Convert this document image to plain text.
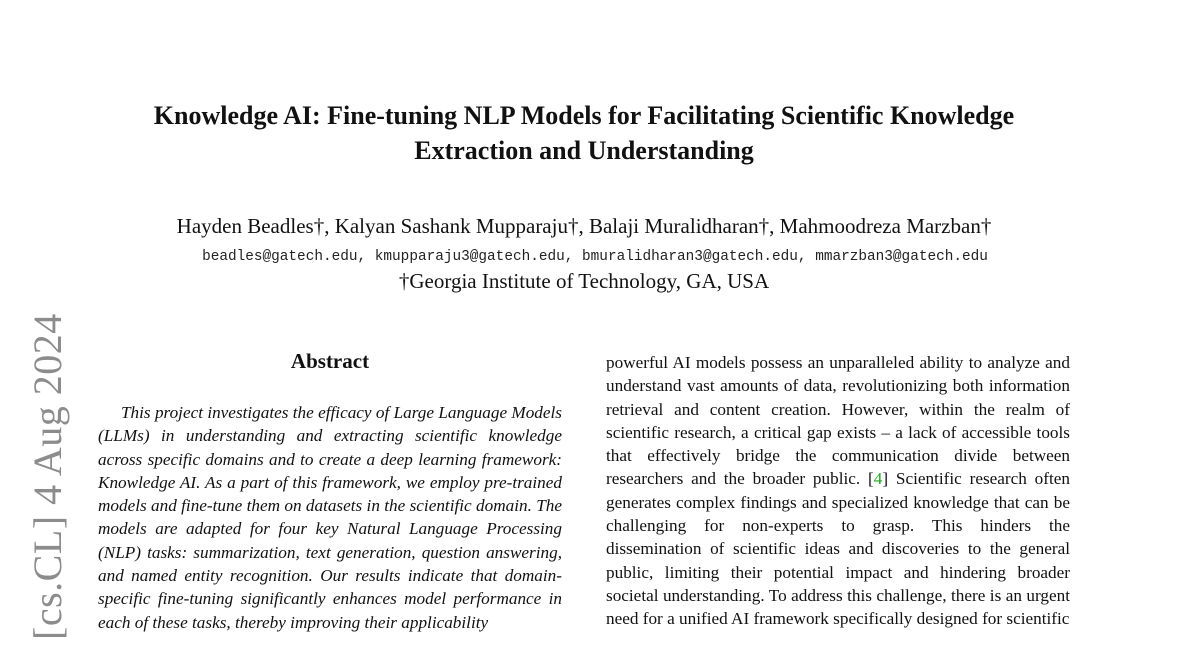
Knowledge AI: Fine-tuning NLP Models for Facilitating Scientific Knowledge
Extraction and Understanding
Hayden Beadles†, Kalyan Sashank Mupparaju†, Balaji Muralidharan†, Mahmoodreza Marzban†
beadles@gatech.edu, kmupparaju3@gatech.edu, bmuralidharan3@gatech.edu, mmarzban3@gatech.edu
†Georgia Institute of Technology, GA, USA
[cs.CL] 4 Aug 2024	Abstract

This project investigates the efficacy of Large Language Models (LLMs) in understanding and extracting scientific knowledge across specific domains and to create a deep learning framework: Knowledge AI. As a part of this framework, we employ pre-trained models and fine-tune them on datasets in the scientific domain. The models are adapted for four key Natural Language Processing (NLP) tasks: summarization, text generation, question answering, and named entity recognition. Our results indicate that domain-specific fine-tuning significantly enhances model performance in each of these tasks, thereby improving their applicability

powerful AI models possess an unparalleled ability to analyze and understand vast amounts of data, revolutionizing both information retrieval and content creation. However, within the realm of scientific research, a critical gap exists – a lack of accessible tools that effectively bridge the communication divide between researchers and the broader public. [4] Scientific research often generates complex findings and specialized knowledge that can be challenging for non-experts to grasp. This hinders the dissemination of scientific ideas and discoveries to the general public, limiting their potential impact and hindering broader societal understanding. To address this challenge, there is an urgent need for a unified AI framework specifically designed for scientific
